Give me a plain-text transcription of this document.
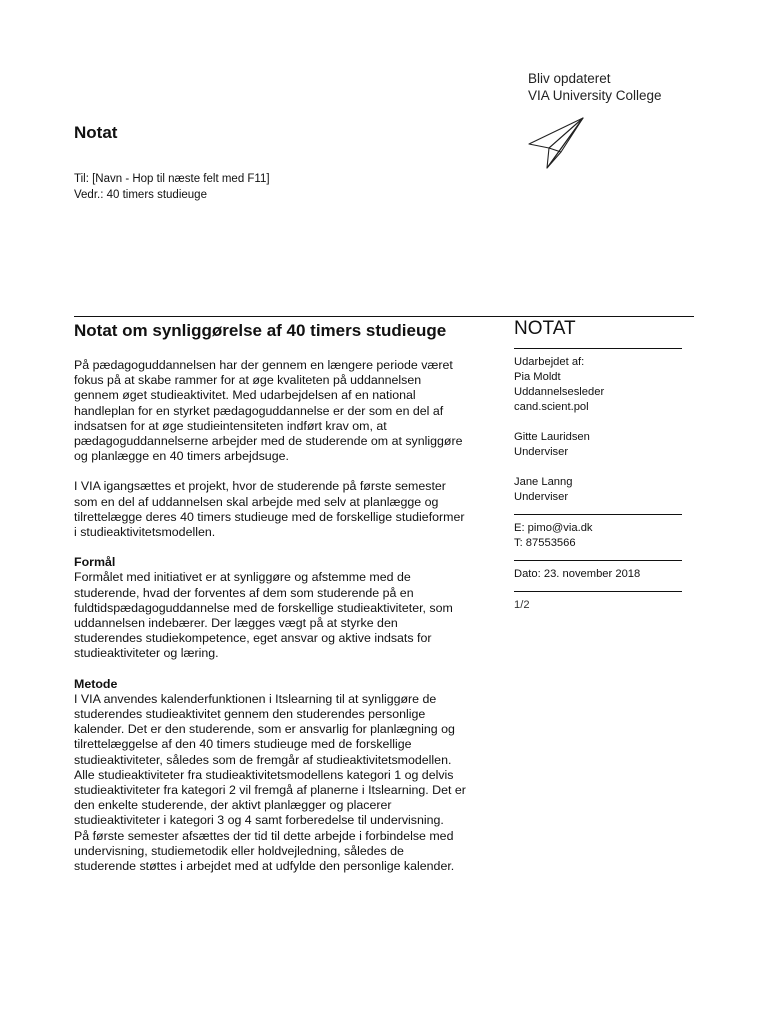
Bliv opdateret
VIA University College
Notat
Til: [Navn - Hop til næste felt med F11]
Vedr.: 40 timers studieuge
Notat om synliggørelse af 40 timers studieuge

På pædagoguddannelsen har der gennem en længere periode været fokus på at skabe rammer for at øge kvaliteten på uddannelsen gennem øget studieaktivitet. Med udarbejdelsen af en national handleplan for en styrket pædagoguddannelse er der som en del af indsatsen for at øge studieintensiteten indført krav om, at pædagoguddannelserne arbejder med de studerende om at synliggøre og planlægge en 40 timers arbejdsuge.

I VIA igangsættes et projekt, hvor de studerende på første semester som en del af uddannelsen skal arbejde med selv at planlægge og tilrettelægge deres 40 timers studieuge med de forskellige studieformer i studieaktivitetsmodellen.

Formål

Formålet med initiativet er at synliggøre og afstemme med de studerende, hvad der forventes af dem som studerende på en fuldtidspædagoguddannelse med de forskellige studieaktiviteter, som uddannelsen indebærer. Der lægges vægt på at styrke den studerendes studiekompetence, eget ansvar og aktive indsats for studieaktiviteter og læring.

Metode

I VIA anvendes kalenderfunktionen i Itslearning til at synliggøre de studerendes studieaktivitet gennem den studerendes personlige kalender. Det er den studerende, som er ansvarlig for planlægning og tilrettelæggelse af den 40 timers studieuge med de forskellige studieaktiviteter, således som de fremgår af studieaktivitetsmodellen.

Alle studieaktiviteter fra studieaktivitetsmodellens kategori 1 og delvis studieaktiviteter fra kategori 2 vil fremgå af planerne i Itslearning. Det er den enkelte studerende, der aktivt planlægger og placerer studieaktiviteter i kategori 3 og 4 samt forberedelse til undervisning.

På første semester afsættes der tid til dette arbejde i forbindelse med undervisning, studiemetodik eller holdvejledning, således de studerende støttes i arbejdet med at udfylde den personlige kalender.

NOTAT
Udarbejdet af:
Pia Moldt
Uddannelsesleder
cand.scient.pol
Gitte Lauridsen
Underviser
Jane Lanng
Underviser
E: pimo@via.dk
T: 87553566
Dato: 23. november 2018
1/2
